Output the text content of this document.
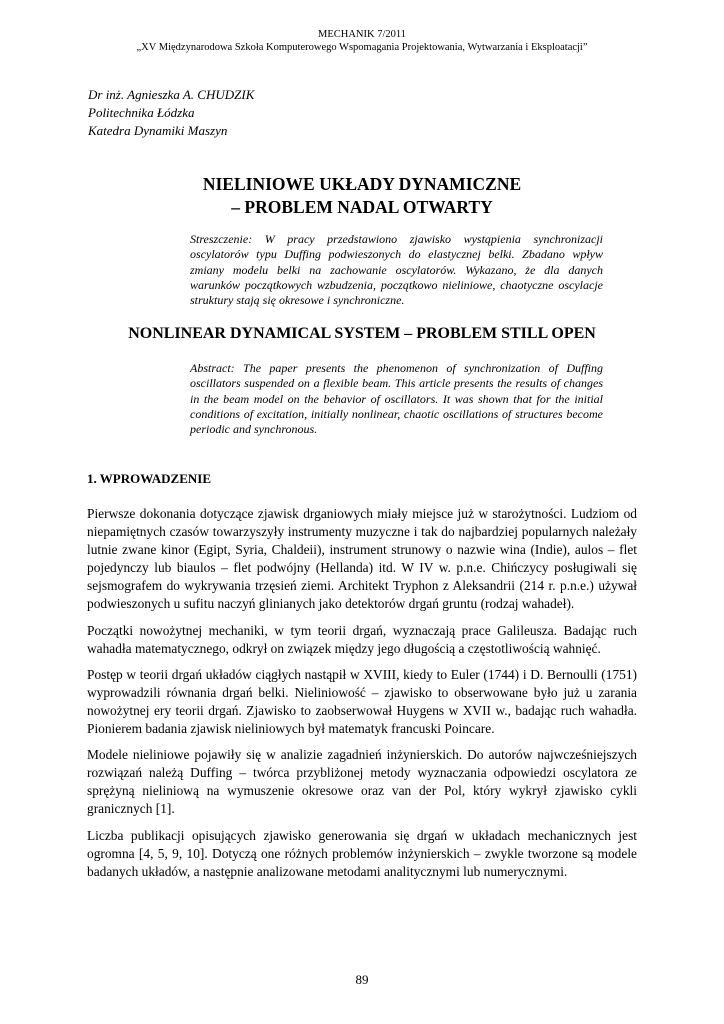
MECHANIK 7/2011
„XV Międzynarodowa Szkoła Komputerowego Wspomagania Projektowania, Wytwarzania i Eksploatacji”
Dr inż. Agnieszka A. CHUDZIK
Politechnika Łódzka
Katedra Dynamiki Maszyn
NIELINIOWE UKŁADY DYNAMICZNE
– PROBLEM NADAL OTWARTY
Streszczenie: W pracy przedstawiono zjawisko wystąpienia synchronizacji oscylatorów typu Duffing podwieszonych do elastycznej belki. Zbadano wpływ zmiany modelu belki na zachowanie oscylatorów. Wykazano, że dla danych warunków początkowych wzbudzenia, początkowo nieliniowe, chaotyczne oscylacje struktury stają się okresowe i synchroniczne.
NONLINEAR DYNAMICAL SYSTEM – PROBLEM STILL OPEN
Abstract: The paper presents the phenomenon of synchronization of Duffing oscillators suspended on a flexible beam. This article presents the results of changes in the beam model on the behavior of oscillators. It was shown that for the initial conditions of excitation, initially nonlinear, chaotic oscillations of structures become periodic and synchronous.
1. WPROWADZENIE

Pierwsze dokonania dotyczące zjawisk drganiowych miały miejsce już w starożytności. Ludziom od niepamiętnych czasów towarzyszyły instrumenty muzyczne i tak do najbardziej popularnych należały lutnie zwane kinor (Egipt, Syria, Chaldeii), instrument strunowy o nazwie wina (Indie), aulos – flet pojedynczy lub biaulos – flet podwójny (Hellanda) itd. W IV w. p.n.e. Chińczycy posługiwali się sejsmografem do wykrywania trzęsień ziemi. Architekt Tryphon z Aleksandrii (214 r. p.n.e.) używał podwieszonych u sufitu naczyń glinianych jako detektorów drgań gruntu (rodzaj wahadeł).

Początki nowożytnej mechaniki, w tym teorii drgań, wyznaczają prace Galileusza. Badając ruch wahadła matematycznego, odkrył on związek między jego długością a częstotliwością wahnięć.

Postęp w teorii drgań układów ciągłych nastąpił w XVIII, kiedy to Euler (1744) i D. Bernoulli (1751) wyprowadzili równania drgań belki. Nieliniowość – zjawisko to obserwowane było już u zarania nowożytnej ery teorii drgań. Zjawisko to zaobserwował Huygens w XVII w., badając ruch wahadła. Pionierem badania zjawisk nieliniowych był matematyk francuski Poincare.

Modele nieliniowe pojawiły się w analizie zagadnień inżynierskich. Do autorów najwcześniejszych rozwiązań należą Duffing – twórca przybliżonej metody wyznaczania odpowiedzi oscylatora ze sprężyną nieliniową na wymuszenie okresowe oraz van der Pol, który wykrył zjawisko cykli granicznych [1].

Liczba publikacji opisujących zjawisko generowania się drgań w układach mechanicznych jest ogromna [4, 5, 9, 10]. Dotyczą one różnych problemów inżynierskich – zwykle tworzone są modele badanych układów, a następnie analizowane metodami analitycznymi lub numerycznymi.

89
